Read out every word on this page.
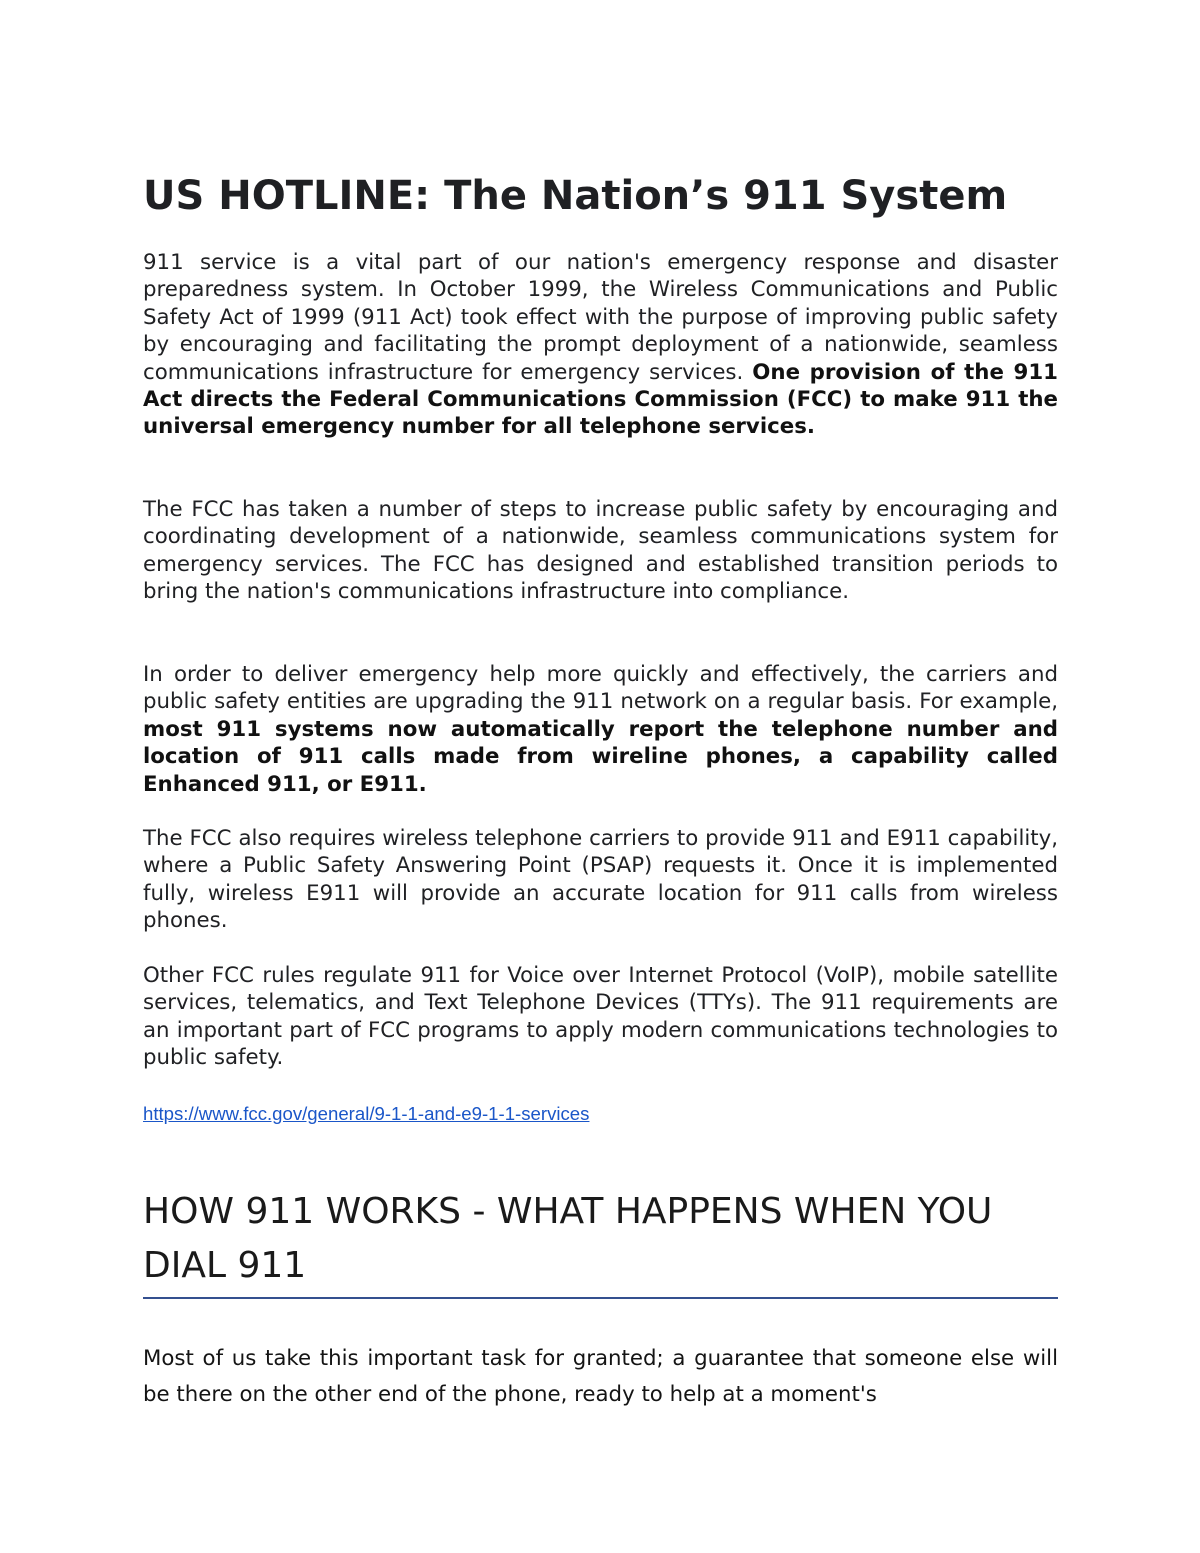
US HOTLINE: The Nation’s 911 System

911 service is a vital part of our nation's emergency response and disaster preparedness system. In October 1999, the Wireless Communications and Public Safety Act of 1999 (911 Act) took effect with the purpose of improving public safety by encouraging and facilitating the prompt deployment of a nationwide, seamless communications infrastructure for emergency services. One provision of the 911 Act directs the Federal Communications Commission (FCC) to make 911 the universal emergency number for all telephone services.

The FCC has taken a number of steps to increase public safety by encouraging and coordinating development of a nationwide, seamless communications system for emergency services. The FCC has designed and established transition periods to bring the nation's communications infrastructure into compliance.

In order to deliver emergency help more quickly and effectively, the carriers and public safety entities are upgrading the 911 network on a regular basis. For example, most 911 systems now automatically report the telephone number and location of 911 calls made from wireline phones, a capability called Enhanced 911, or E911.

The FCC also requires wireless telephone carriers to provide 911 and E911 capability, where a Public Safety Answering Point (PSAP) requests it. Once it is implemented fully, wireless E911 will provide an accurate location for 911 calls from wireless phones.

Other FCC rules regulate 911 for Voice over Internet Protocol (VoIP), mobile satellite services, telematics, and Text Telephone Devices (TTYs). The 911 requirements are an important part of FCC programs to apply modern communications technologies to public safety.

https://www.fcc.gov/general/9-1-1-and-e9-1-1-services
HOW 911 WORKS - WHAT HAPPENS WHEN YOU DIAL 911

Most of us take this important task for granted; a guarantee that someone else will be there on the other end of the phone, ready to help at a moment's
